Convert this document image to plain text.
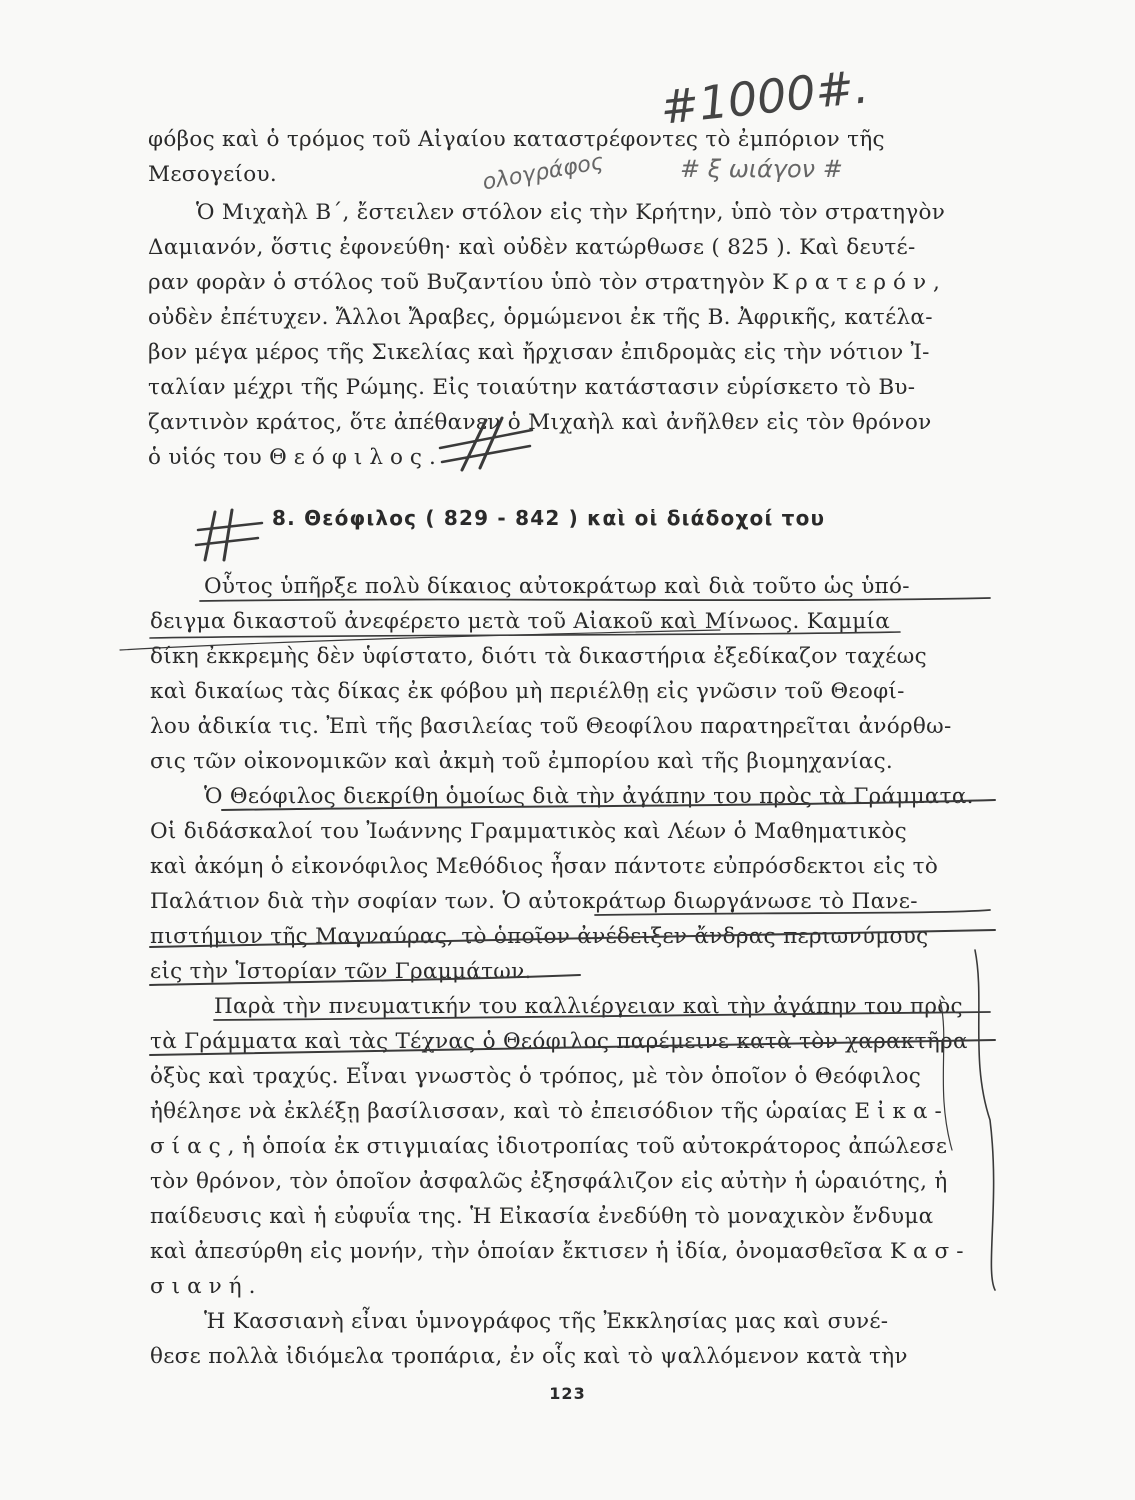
#1000#.
ολογράφος	# ξ ωιάγον #

φόβος καὶ ὁ τρόμος τοῦ Αἰγαίου καταστρέφοντες τὸ ἐμπόριον τῆς

Μεσογείου.

Ὁ Μιχαὴλ Β΄, ἔστειλεν στόλον εἰς τὴν Κρήτην, ὑπὸ τὸν στρατηγὸν

Δαμιανόν, ὅστις ἐφονεύθη· καὶ οὐδὲν κατώρθωσε ( 825 ). Καὶ δευτέ-

ραν φορὰν ὁ στόλος τοῦ Βυζαντίου ὑπὸ τὸν στρατηγὸν Κρατερόν,

οὐδὲν ἐπέτυχεν. Ἄλλοι Ἄραβες, ὁρμώμενοι ἐκ τῆς Β. Ἀφρικῆς, κατέλα-

βον μέγα μέρος τῆς Σικελίας καὶ ἤρχισαν ἐπιδρομὰς εἰς τὴν νότιον Ἰ-

ταλίαν μέχρι τῆς Ρώμης. Εἰς τοιαύτην κατάστασιν εὑρίσκετο τὸ Βυ-

ζαντινὸν κράτος, ὅτε ἀπέθανεν ὁ Μιχαὴλ καὶ ἀνῆλθεν εἰς τὸν θρόνον

ὁ υἱός του Θεόφιλος.

8. Θεόφιλος ( 829 - 842 ) καὶ οἱ διάδοχοί του

Οὗτος ὑπῆρξε πολὺ δίκαιος αὐτοκράτωρ καὶ διὰ τοῦτο ὡς ὑπό-

δειγμα δικαστοῦ ἀνεφέρετο μετὰ τοῦ Αἰακοῦ καὶ Μίνωος. Καμμία

δίκη ἐκκρεμὴς δὲν ὑφίστατο, διότι τὰ δικαστήρια ἐξεδίκαζον ταχέως

καὶ δικαίως τὰς δίκας ἐκ φόβου μὴ περιέλθῃ εἰς γνῶσιν τοῦ Θεοφί-

λου ἀδικία τις. Ἐπὶ τῆς βασιλείας τοῦ Θεοφίλου παρατηρεῖται ἀνόρθω-

σις τῶν οἰκονομικῶν καὶ ἀκμὴ τοῦ ἐμπορίου καὶ τῆς βιομηχανίας.

Ὁ Θεόφιλος διεκρίθη ὁμοίως διὰ τὴν ἀγάπην του πρὸς τὰ Γράμματα.

Οἱ διδάσκαλοί του Ἰωάννης Γραμματικὸς καὶ Λέων ὁ Μαθηματικὸς

καὶ ἀκόμη ὁ εἰκονόφιλος Μεθόδιος ἦσαν πάντοτε εὐπρόσδεκτοι εἰς τὸ

Παλάτιον διὰ τὴν σοφίαν των. Ὁ αὐτοκράτωρ διωργάνωσε τὸ Πανε-

πιστήμιον τῆς Μαγναύρας, τὸ ὁποῖον ἀνέδειξεν ἄνδρας περιωνύμους

εἰς τὴν Ἱστορίαν τῶν Γραμμάτων.

Παρὰ τὴν πνευματικήν του καλλιέργειαν καὶ τὴν ἀγάπην του πρὸς

τὰ Γράμματα καὶ τὰς Τέχνας ὁ Θεόφιλος παρέμεινε κατὰ τὸν χαρακτῆρα

ὀξὺς καὶ τραχύς. Εἶναι γνωστὸς ὁ τρόπος, μὲ τὸν ὁποῖον ὁ Θεόφιλος

ἠθέλησε νὰ ἐκλέξῃ βασίλισσαν, καὶ τὸ ἐπεισόδιον τῆς ὡραίας Εἰκα-

σίας, ἡ ὁποία ἐκ στιγμιαίας ἰδιοτροπίας τοῦ αὐτοκράτορος ἀπώλεσε

τὸν θρόνον, τὸν ὁποῖον ἀσφαλῶς ἐξησφάλιζον εἰς αὐτὴν ἡ ὡραιότης, ἡ

παίδευσις καὶ ἡ εὐφυΐα της. Ἡ Εἰκασία ἐνεδύθη τὸ μοναχικὸν ἔνδυμα

καὶ ἀπεσύρθη εἰς μονήν, τὴν ὁποίαν ἔκτισεν ἡ ἰδία, ὀνομασθεῖσα Κασ-

σιανή.

Ἡ Κασσιανὴ εἶναι ὑμνογράφος τῆς Ἐκκλησίας μας καὶ συνέ-

θεσε πολλὰ ἰδιόμελα τροπάρια, ἐν οἷς καὶ τὸ ψαλλόμενον κατὰ τὴν

123
